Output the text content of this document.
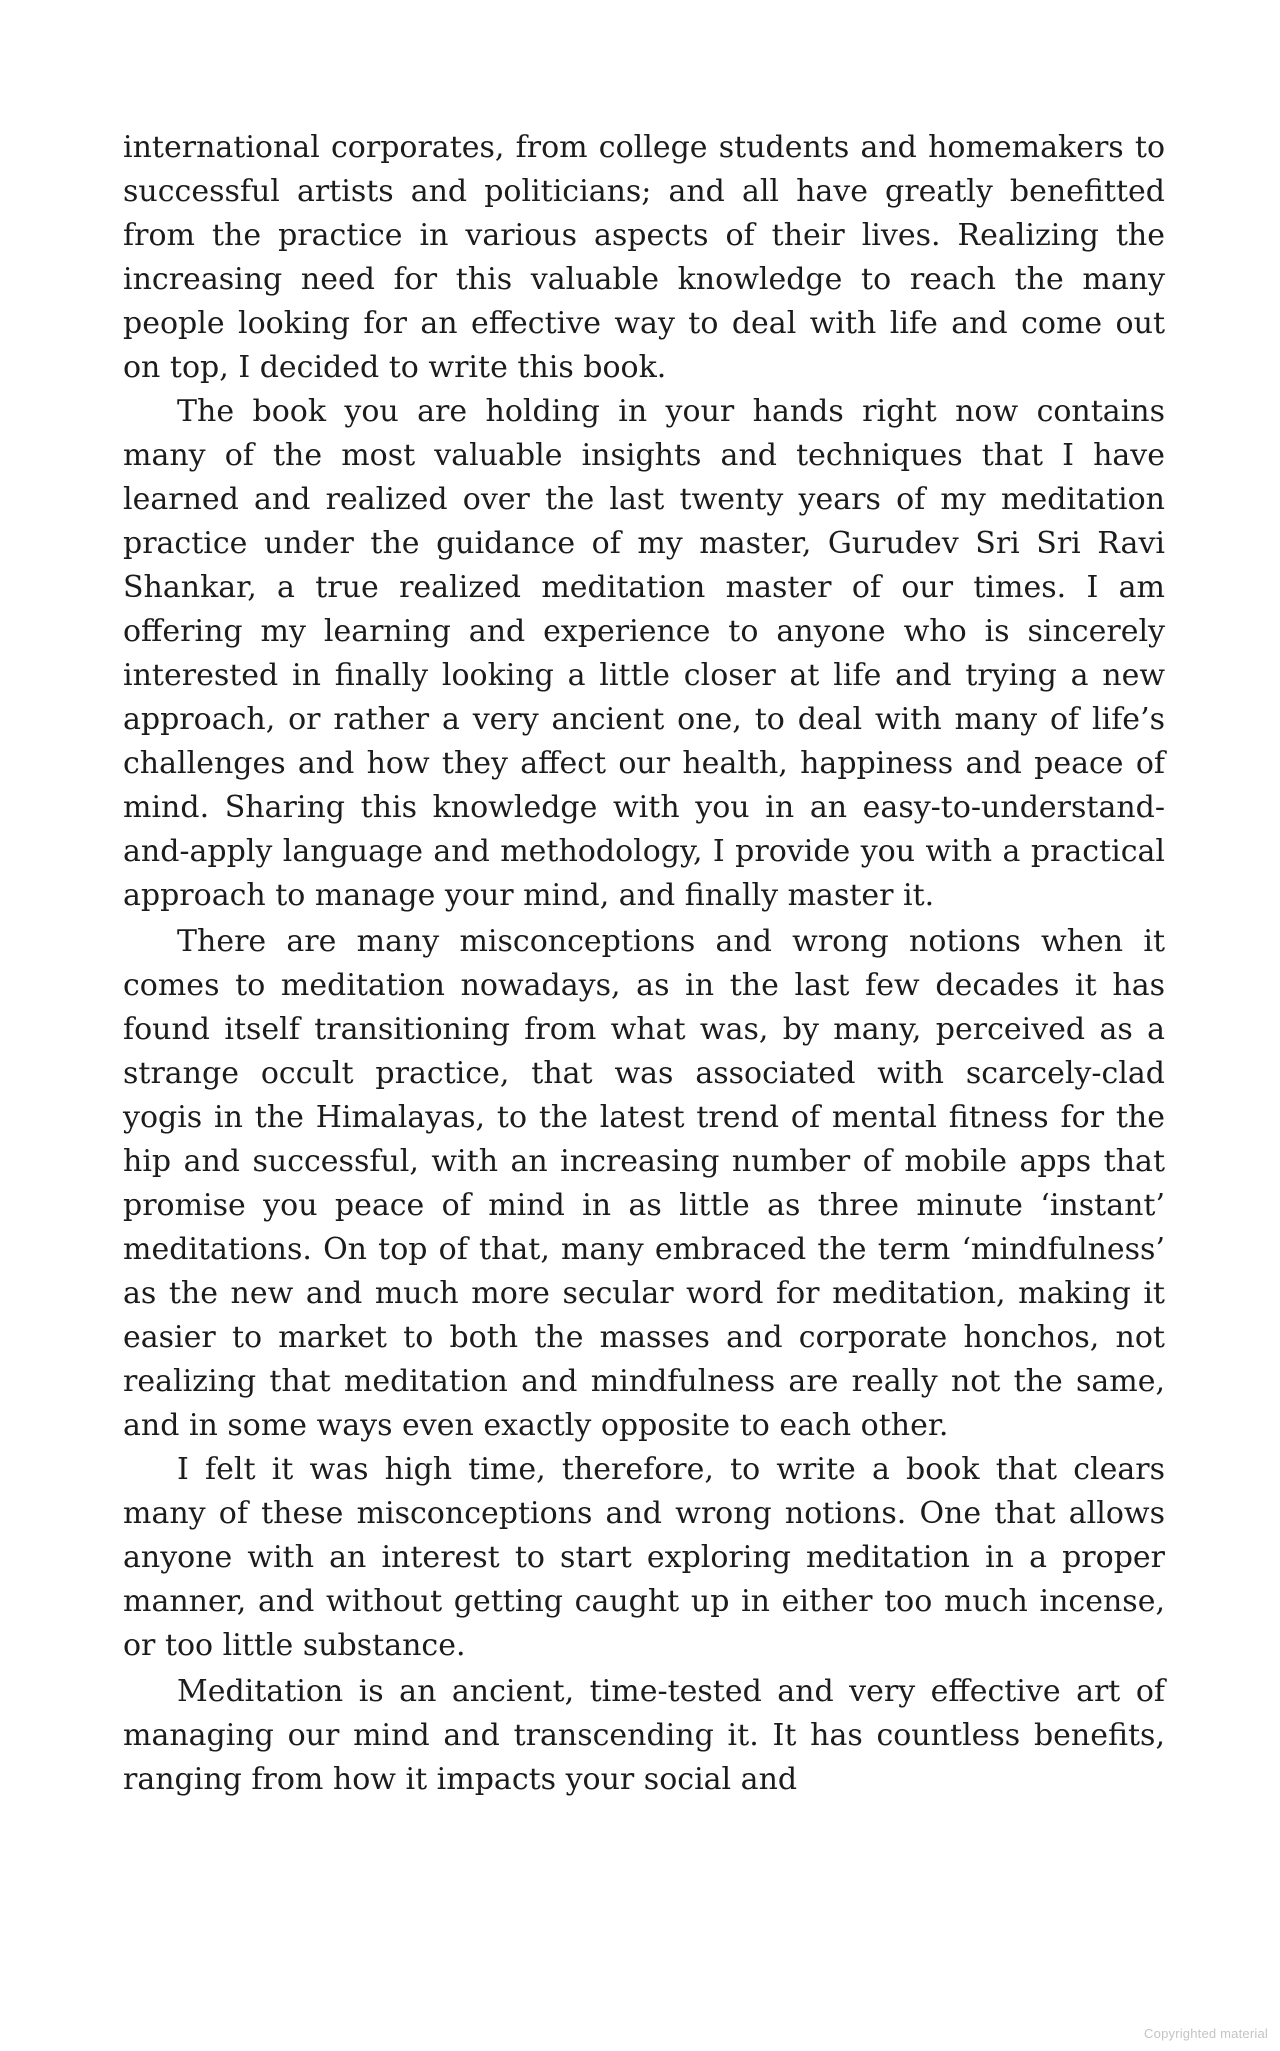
international corporates, from college students and homemakers to successful artists and politicians; and all have greatly benefitted from the practice in various aspects of their lives. Realizing the increasing need for this valuable knowledge to reach the many people looking for an effective way to deal with life and come out on top, I decided to write this book.

The book you are holding in your hands right now contains many of the most valuable insights and techniques that I have learned and realized over the last twenty years of my meditation practice under the guidance of my master, Gurudev Sri Sri Ravi Shankar, a true realized meditation master of our times. I am offering my learning and experience to anyone who is sincerely interested in finally looking a little closer at life and trying a new approach, or rather a very ancient one, to deal with many of life’s challenges and how they affect our health, happiness and peace of mind. Sharing this knowledge with you in an easy-to-understand-and-apply language and methodology, I provide you with a practical approach to manage your mind, and finally master it.

There are many misconceptions and wrong notions when it comes to meditation nowadays, as in the last few decades it has found itself transitioning from what was, by many, perceived as a strange occult practice, that was associated with scarcely-clad yogis in the Himalayas, to the latest trend of mental fitness for the hip and successful, with an increasing number of mobile apps that promise you peace of mind in as little as three minute ‘instant’ meditations. On top of that, many embraced the term ‘mindfulness’ as the new and much more secular word for meditation, making it easier to market to both the masses and corporate honchos, not realizing that meditation and mindfulness are really not the same, and in some ways even exactly opposite to each other.

I felt it was high time, therefore, to write a book that clears many of these misconceptions and wrong notions. One that allows anyone with an interest to start exploring meditation in a proper manner, and without getting caught up in either too much incense, or too little substance.

Meditation is an ancient, time-tested and very effective art of managing our mind and transcending it. It has countless benefits, ranging from how it impacts your social and

Copyrighted material
